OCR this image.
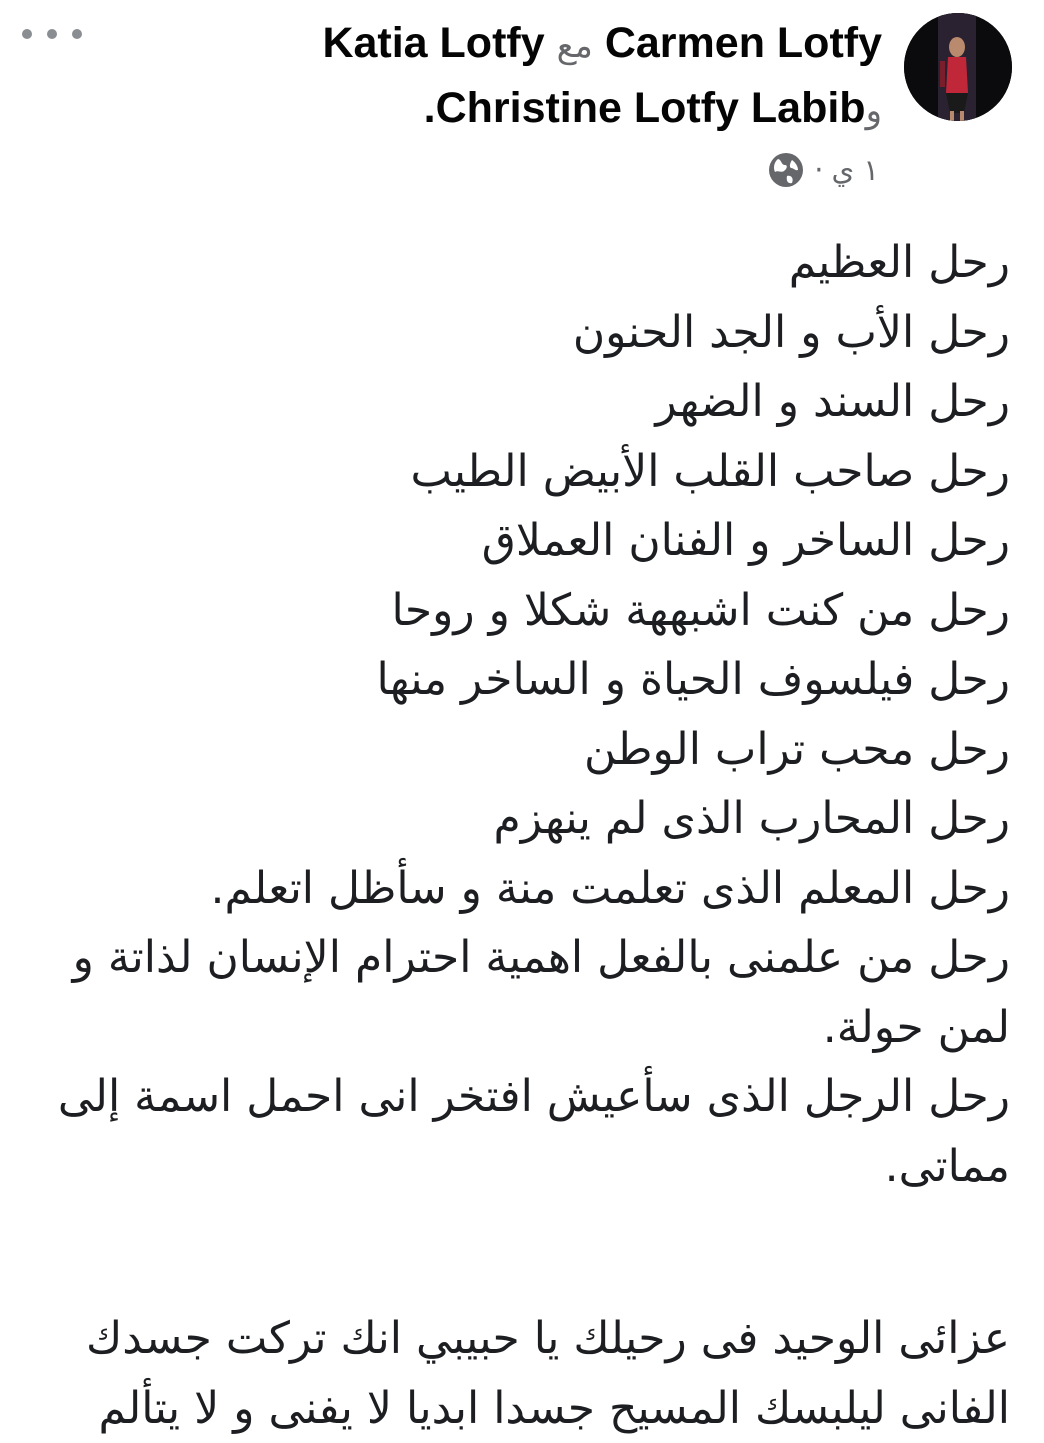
Carmen Lotfy مع Katia Lotfy وChristine Lotfy Labib.
١ ي
·

رحل العظيم

رحل الأب و الجد الحنون

رحل السند و الضهر

رحل صاحب القلب الأبيض الطيب

رحل الساخر و الفنان العملاق

رحل من كنت اشبههة شكلا و روحا

رحل فيلسوف الحياة و الساخر منها

رحل محب تراب الوطن

رحل المحارب الذى لم ينهزم

رحل المعلم الذى تعلمت منة و سأظل اتعلم.

رحل من علمنى بالفعل اهمية احترام الإنسان لذاتة و لمن حولة.

رحل الرجل الذى سأعيش افتخر انى احمل اسمة إلى مماتى.

عزائى الوحيد فى رحيلك يا حبيبي انك تركت جسدك الفانى ليلبسك المسيح جسدا ابديا لا يفنى و لا يتألم
